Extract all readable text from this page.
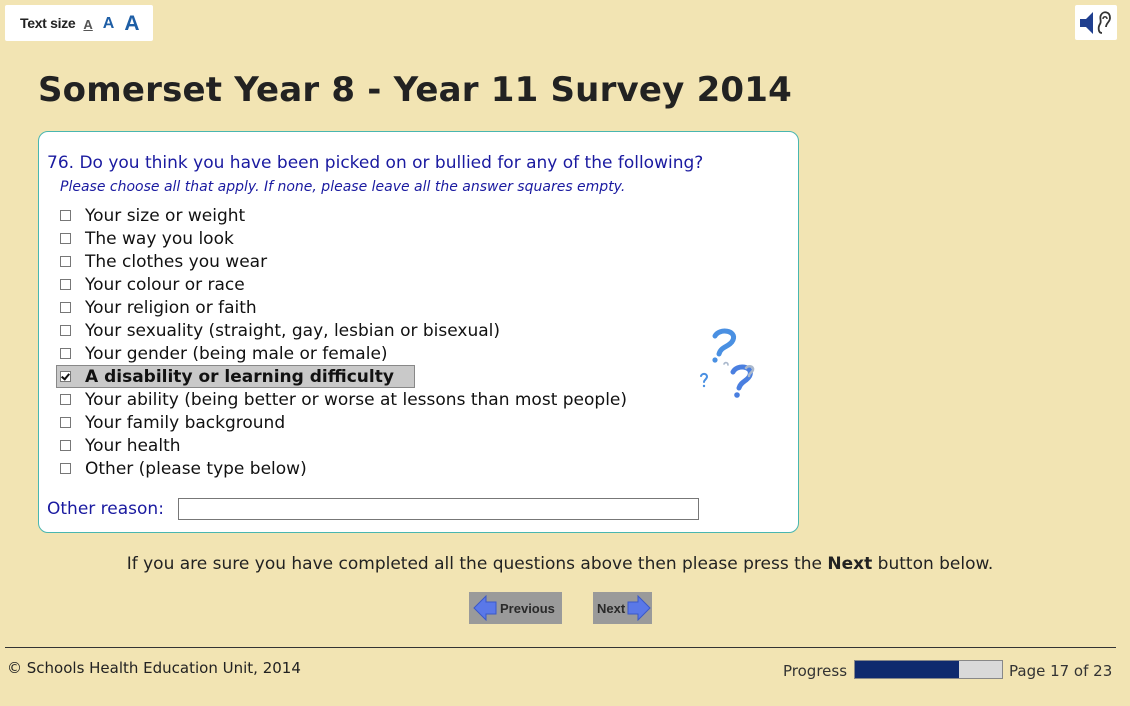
Text size A A A
Somerset Year 8 - Year 11 Survey 2014

76. Do you think you have been picked on or bullied for any of the following?

Please choose all that apply. If none, please leave all the answer squares empty.

Your size or weight
The way you look
The clothes you wear
Your colour or race
Your religion or faith
Your sexuality (straight, gay, lesbian or bisexual)
Your gender (being male or female)
A disability or learning difficulty
Your ability (being better or worse at lessons than most people)
Your family background
Your health
Other (please type below)
Other reason:
If you are sure you have completed all the questions above then please press the Next button below.
Previous	Next
© Schools Health Education Unit, 2014	Progress	Page 17 of 23
